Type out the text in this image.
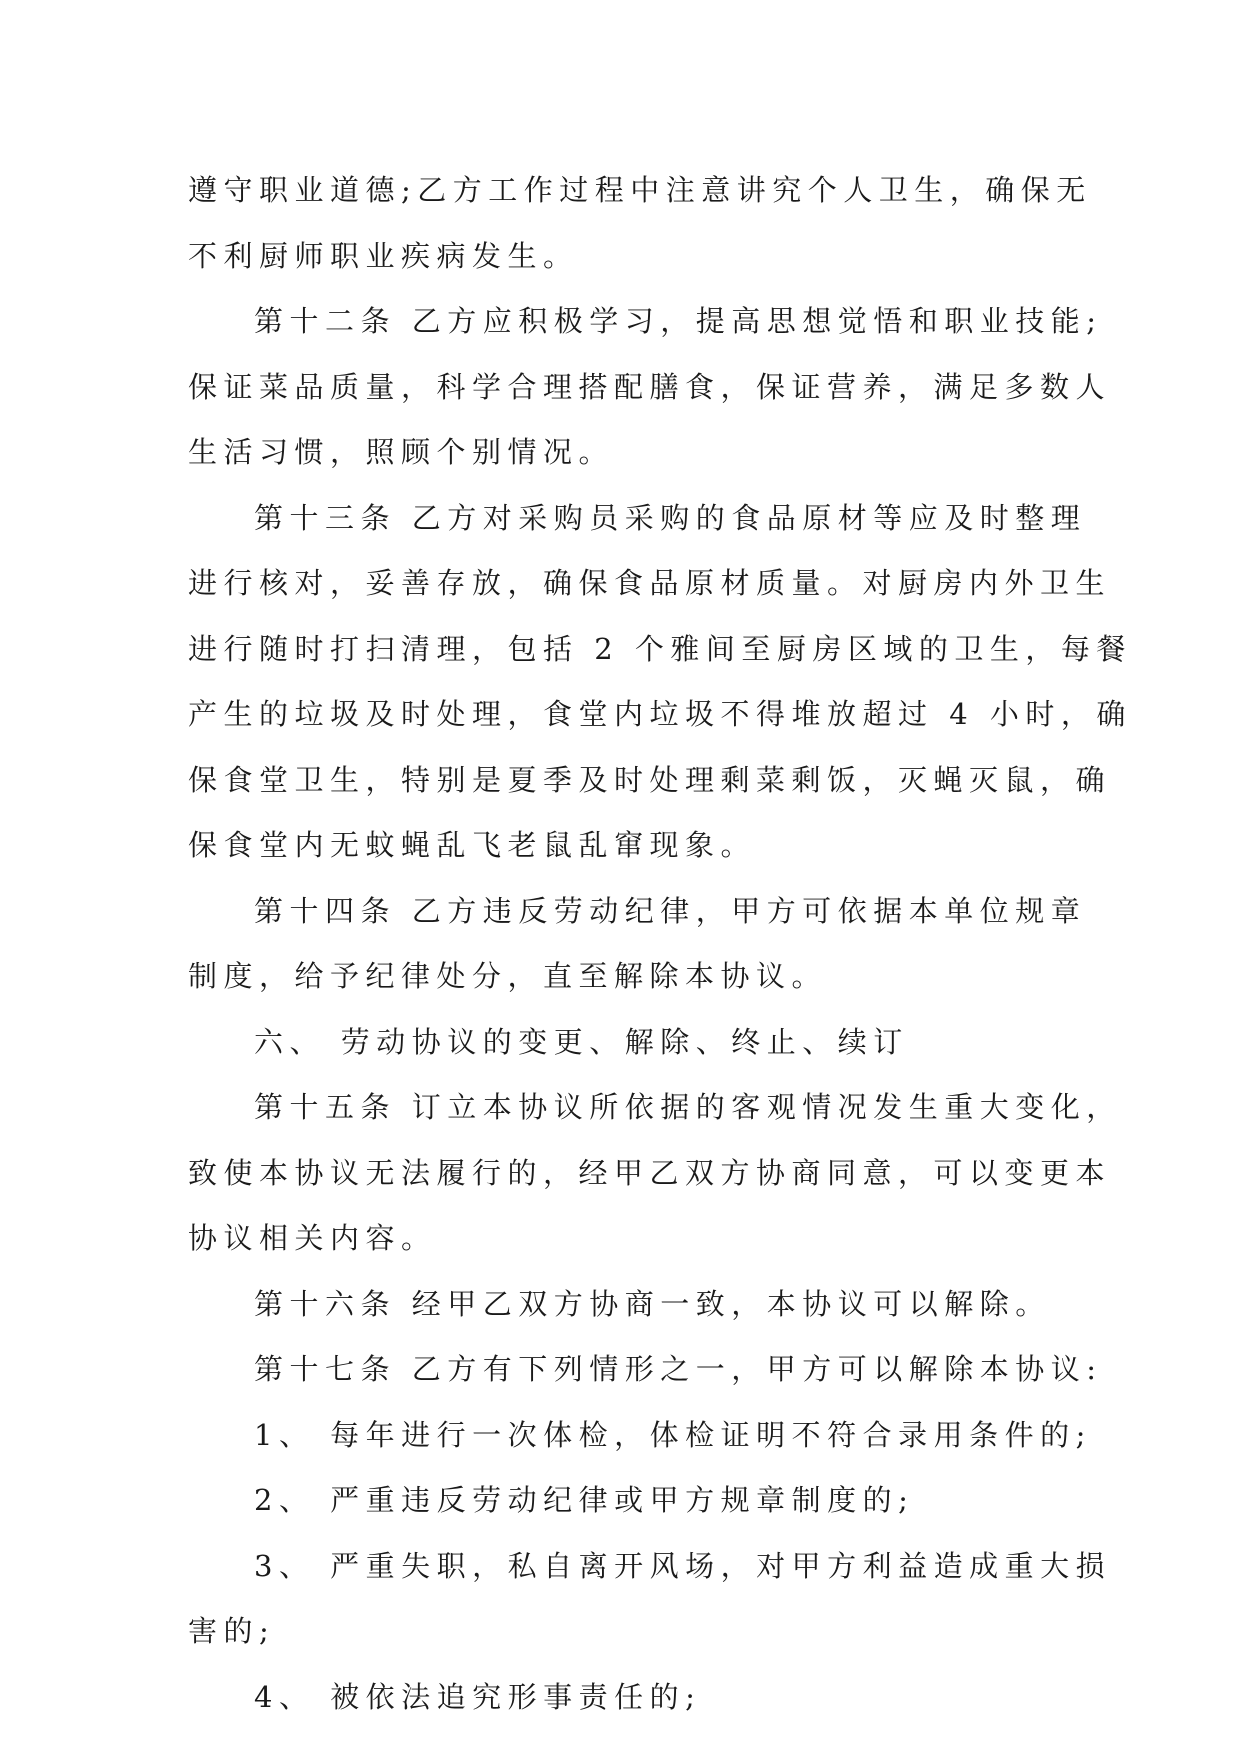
遵守职业道德;乙方工作过程中注意讲究个人卫生，确保无
不利厨师职业疾病发生。
第十二条 乙方应积极学习，提高思想觉悟和职业技能;
保证菜品质量，科学合理搭配膳食，保证营养，满足多数人
生活习惯，照顾个别情况。
第十三条 乙方对采购员采购的食品原材等应及时整理
进行核对，妥善存放，确保食品原材质量。对厨房内外卫生
进行随时打扫清理，包括 2 个雅间至厨房区域的卫生，每餐
产生的垃圾及时处理，食堂内垃圾不得堆放超过 4 小时，确
保食堂卫生，特别是夏季及时处理剩菜剩饭，灭蝇灭鼠，确
保食堂内无蚊蝇乱飞老鼠乱窜现象。
第十四条 乙方违反劳动纪律，甲方可依据本单位规章
制度，给予纪律处分，直至解除本协议。
六、 劳动协议的变更、解除、终止、续订
第十五条 订立本协议所依据的客观情况发生重大变化，
致使本协议无法履行的，经甲乙双方协商同意，可以变更本
协议相关内容。
第十六条 经甲乙双方协商一致，本协议可以解除。
第十七条 乙方有下列情形之一，甲方可以解除本协议:
1、 每年进行一次体检，体检证明不符合录用条件的;
2、 严重违反劳动纪律或甲方规章制度的;
3、 严重失职，私自离开风场，对甲方利益造成重大损
害的;
4、 被依法追究形事责任的;
